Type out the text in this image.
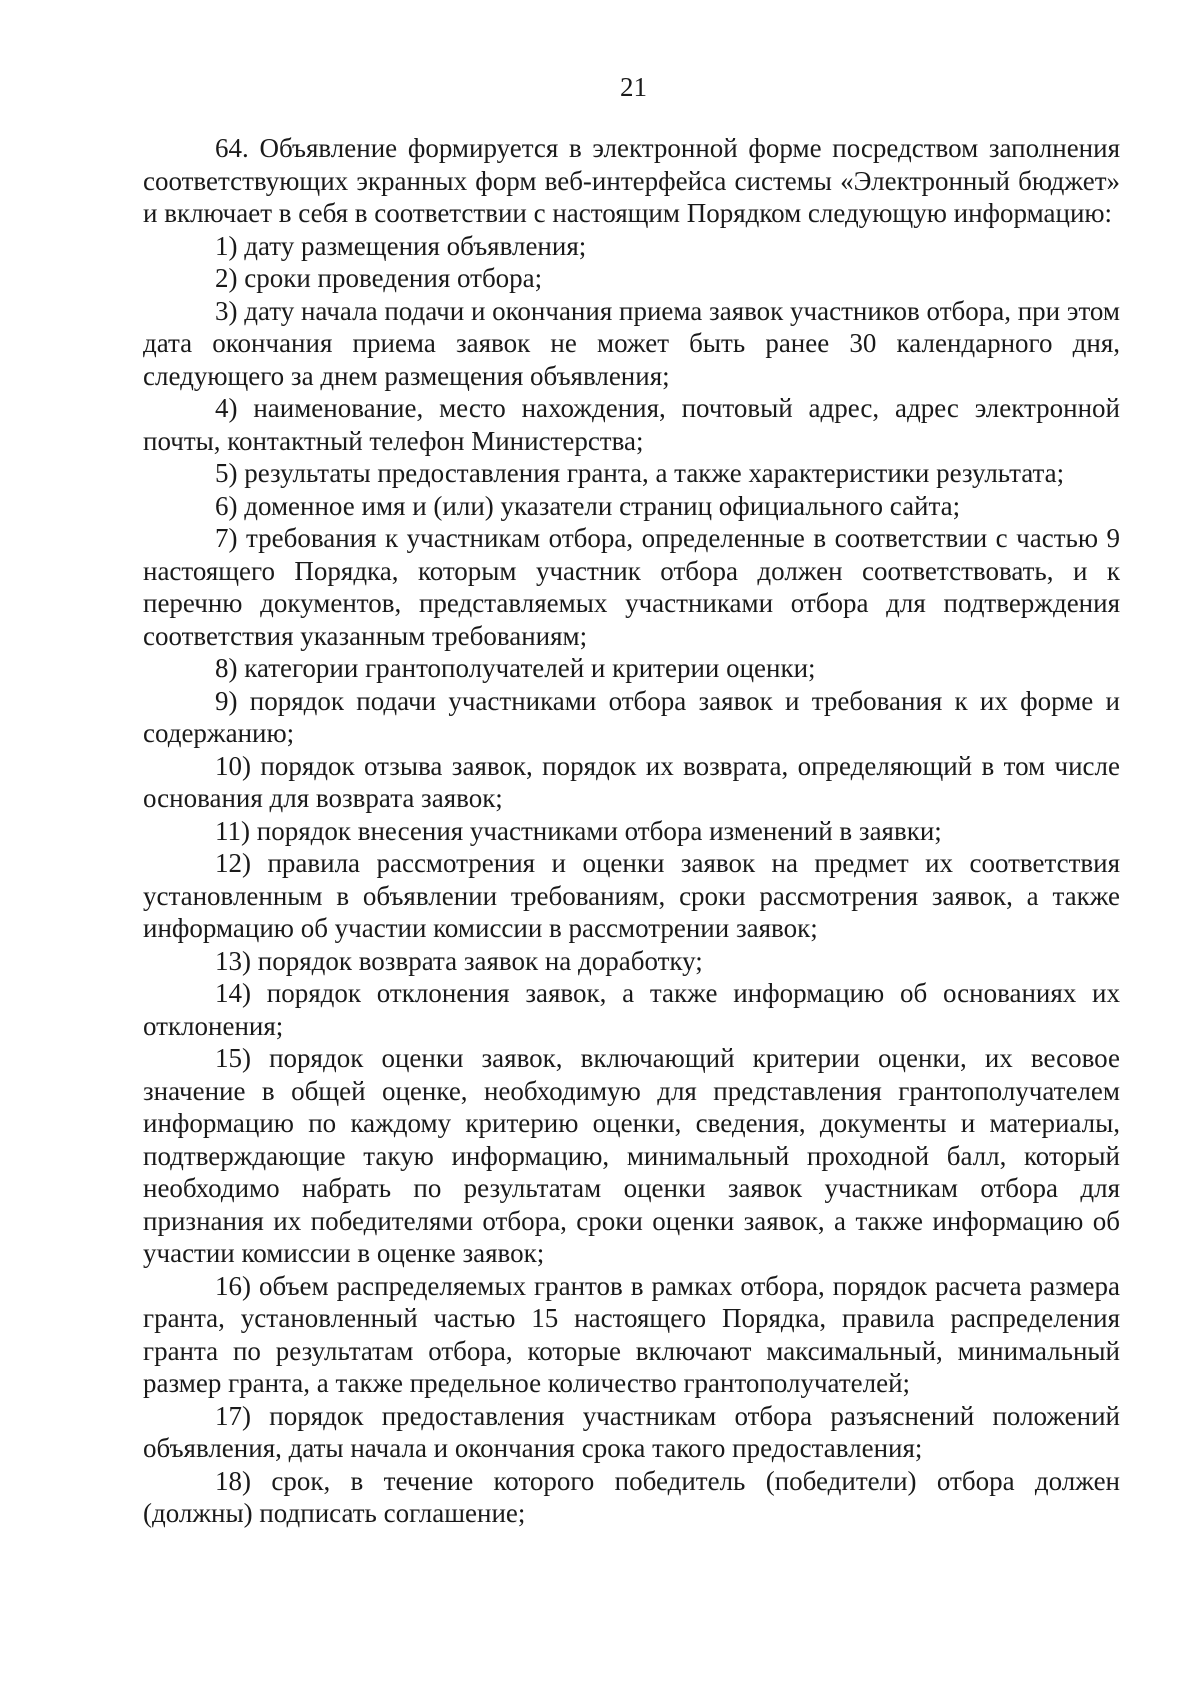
21

64. Объявление формируется в электронной форме посредством заполнения соответствующих экранных форм веб-интерфейса системы «Электронный бюджет» и включает в себя в соответствии с настоящим Порядком следующую информацию:

1) дату размещения объявления;

2) сроки проведения отбора;

3) дату начала подачи и окончания приема заявок участников отбора, при этом дата окончания приема заявок не может быть ранее 30 календарного дня, следующего за днем размещения объявления;

4) наименование, место нахождения, почтовый адрес, адрес электронной почты, контактный телефон Министерства;

5) результаты предоставления гранта, а также характеристики результата;

6) доменное имя и (или) указатели страниц официального сайта;

7) требования к участникам отбора, определенные в соответствии с частью 9 настоящего Порядка, которым участник отбора должен соответствовать, и к перечню документов, представляемых участниками отбора для подтверждения соответствия указанным требованиям;

8) категории грантополучателей и критерии оценки;

9) порядок подачи участниками отбора заявок и требования к их форме и содержанию;

10) порядок отзыва заявок, порядок их возврата, определяющий в том числе основания для возврата заявок;

11) порядок внесения участниками отбора изменений в заявки;

12) правила рассмотрения и оценки заявок на предмет их соответствия установленным в объявлении требованиям, сроки рассмотрения заявок, а также информацию об участии комиссии в рассмотрении заявок;

13) порядок возврата заявок на доработку;

14) порядок отклонения заявок, а также информацию об основаниях их отклонения;

15) порядок оценки заявок, включающий критерии оценки, их весовое значение в общей оценке, необходимую для представления грантополучателем информацию по каждому критерию оценки, сведения, документы и материалы, подтверждающие такую информацию, минимальный проходной балл, который необходимо набрать по результатам оценки заявок участникам отбора для признания их победителями отбора, сроки оценки заявок, а также информацию об участии комиссии в оценке заявок;

16) объем распределяемых грантов в рамках отбора, порядок расчета размера гранта, установленный частью 15 настоящего Порядка, правила распределения гранта по результатам отбора, которые включают максимальный, минимальный размер гранта, а также предельное количество грантополучателей;

17) порядок предоставления участникам отбора разъяснений положений объявления, даты начала и окончания срока такого предоставления;

18) срок, в течение которого победитель (победители) отбора должен (должны) подписать соглашение;
